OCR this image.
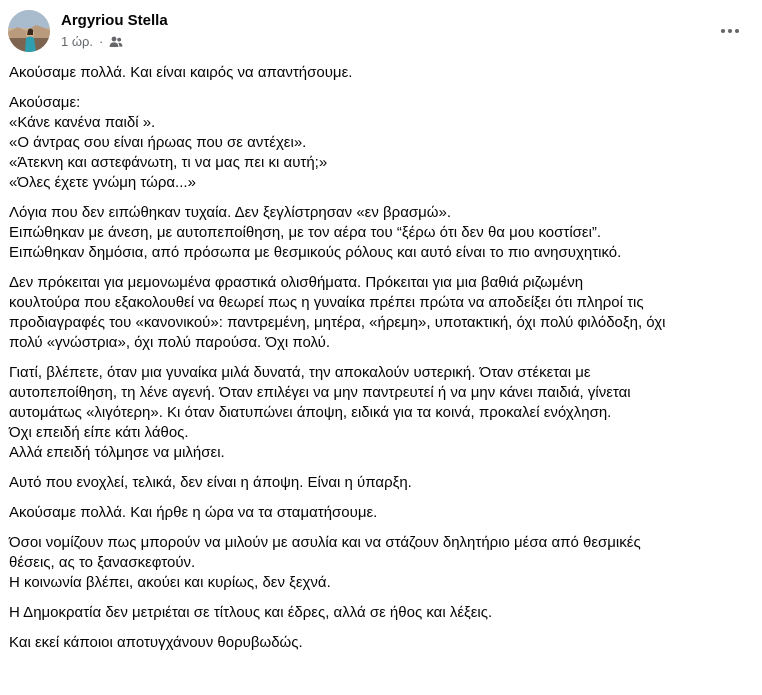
Argyriou Stella
1 ώρ. ·
Ακούσαμε πολλά. Και είναι καιρός να απαντήσουμε.
Ακούσαμε:
«Κάνε κανένα παιδί ».
«Ο άντρας σου είναι ήρωας που σε αντέχει».
«Άτεκνη και αστεφάνωτη, τι να μας πει κι αυτή;»
«Όλες έχετε γνώμη τώρα...»
Λόγια που δεν ειπώθηκαν τυχαία. Δεν ξεγλίστρησαν «εν βρασμώ».
Ειπώθηκαν με άνεση, με αυτοπεποίθηση, με τον αέρα του “ξέρω ότι δεν θα μου κοστίσει”.
Ειπώθηκαν δημόσια, από πρόσωπα με θεσμικούς ρόλους και αυτό είναι το πιο ανησυχητικό.
Δεν πρόκειται για μεμονωμένα φραστικά ολισθήματα. Πρόκειται για μια βαθιά ριζωμένη
κουλτούρα που εξακολουθεί να θεωρεί πως η γυναίκα πρέπει πρώτα να αποδείξει ότι πληροί τις
προδιαγραφές του «κανονικού»: παντρεμένη, μητέρα, «ήρεμη», υποτακτική, όχι πολύ φιλόδοξη, όχι
πολύ «γνώστρια», όχι πολύ παρούσα. Όχι πολύ.
Γιατί, βλέπετε, όταν μια γυναίκα μιλά δυνατά, την αποκαλούν υστερική. Όταν στέκεται με
αυτοπεποίθηση, τη λένε αγενή. Όταν επιλέγει να μην παντρευτεί ή να μην κάνει παιδιά, γίνεται
αυτομάτως «λιγότερη». Κι όταν διατυπώνει άποψη, ειδικά για τα κοινά, προκαλεί ενόχληση.
Όχι επειδή είπε κάτι λάθος.
Αλλά επειδή τόλμησε να μιλήσει.
Αυτό που ενοχλεί, τελικά, δεν είναι η άποψη. Είναι η ύπαρξη.
Ακούσαμε πολλά. Και ήρθε η ώρα να τα σταματήσουμε.
Όσοι νομίζουν πως μπορούν να μιλούν με ασυλία και να στάζουν δηλητήριο μέσα από θεσμικές
θέσεις, ας το ξανασκεφτούν.
Η κοινωνία βλέπει, ακούει και κυρίως, δεν ξεχνά.
Η Δημοκρατία δεν μετριέται σε τίτλους και έδρες, αλλά σε ήθος και λέξεις.
Και εκεί κάποιοι αποτυγχάνουν θορυβωδώς.
